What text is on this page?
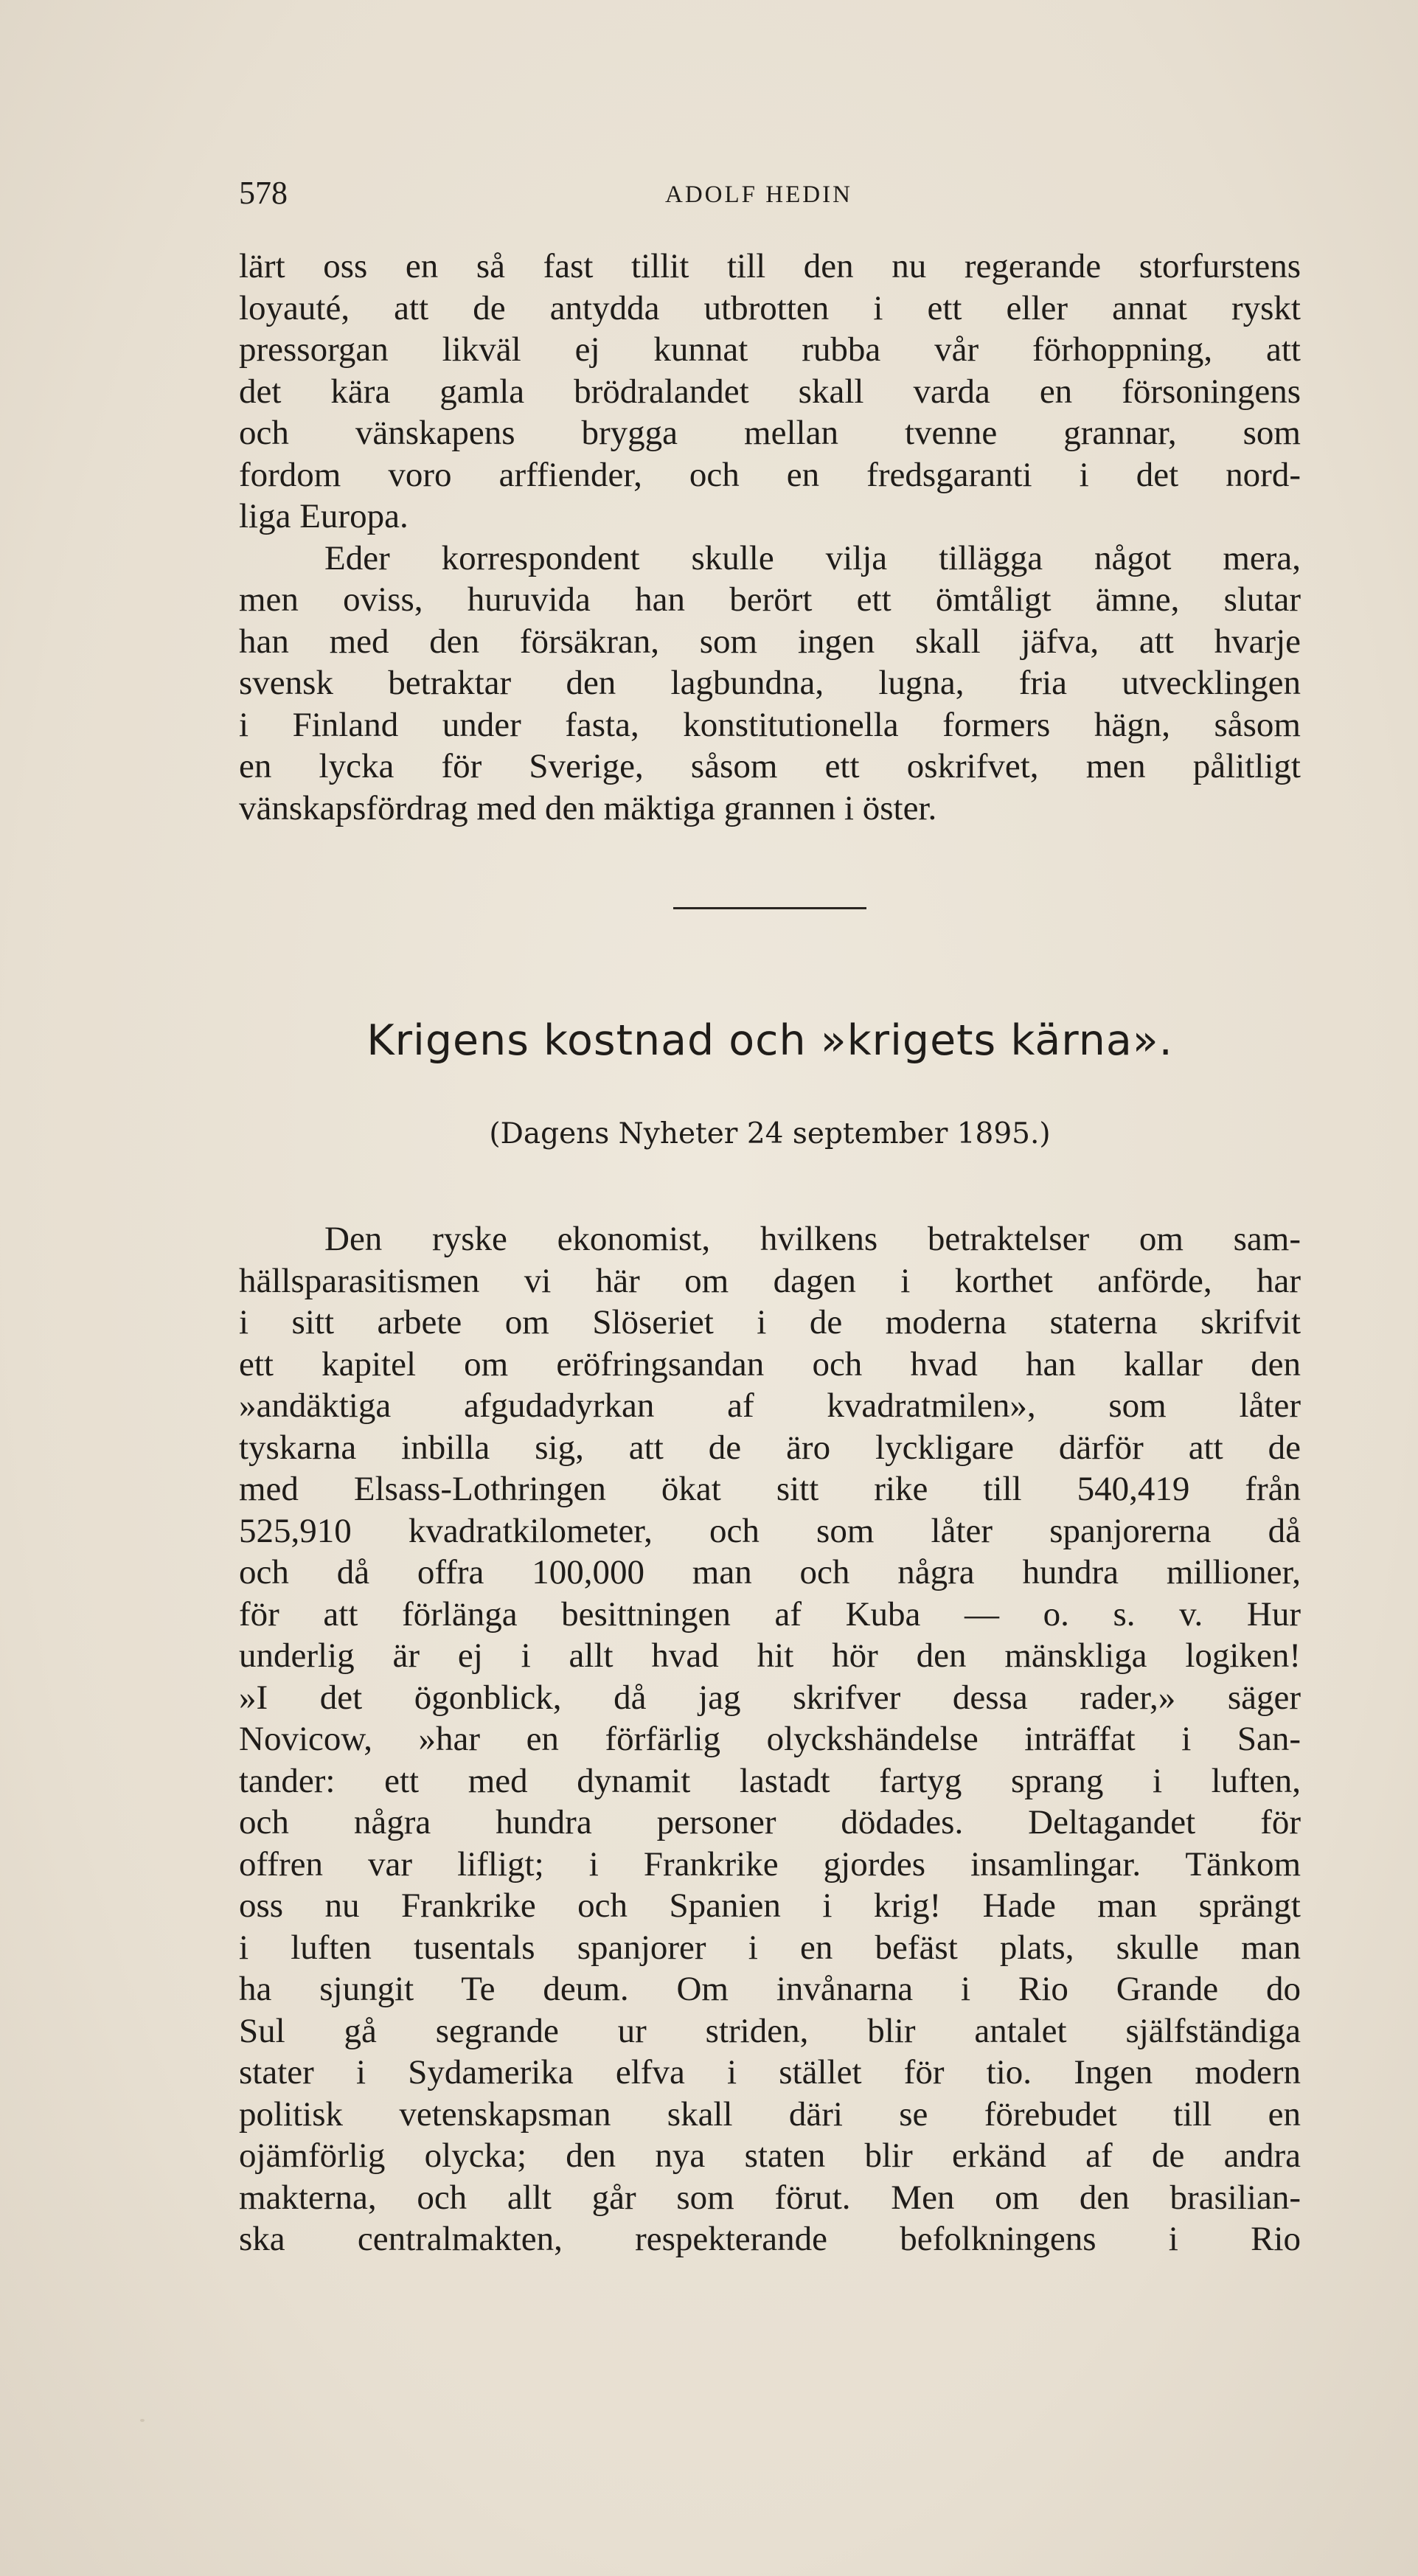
578	ADOLF HEDIN
lärt oss en så fast tillit till den nu regerande storfurstens
loyauté, att de antydda utbrotten i ett eller annat ryskt
pressorgan likväl ej kunnat rubba vår förhoppning, att
det kära gamla brödralandet skall varda en försoningens
och vänskapens brygga mellan tvenne grannar, som
fordom voro arffiender, och en fredsgaranti i det nord-
liga Europa.
Eder korrespondent skulle vilja tillägga något mera,
men oviss, huruvida han berört ett ömtåligt ämne, slutar
han med den försäkran, som ingen skall jäfva, att hvarje
svensk betraktar den lagbundna, lugna, fria utvecklingen
i Finland under fasta, konstitutionella formers hägn, såsom
en lycka för Sverige, såsom ett oskrifvet, men pålitligt
vänskapsfördrag med den mäktiga grannen i öster.
Krigens kostnad och »krigets kärna».
(Dagens Nyheter 24 september 1895.)
Den ryske ekonomist, hvilkens betraktelser om sam-
hällsparasitismen vi här om dagen i korthet anförde, har
i sitt arbete om Slöseriet i de moderna staterna skrifvit
ett kapitel om eröfringsandan och hvad han kallar den
»andäktiga afgudadyrkan af kvadratmilen», som låter
tyskarna inbilla sig, att de äro lyckligare därför att de
med Elsass-Lothringen ökat sitt rike till 540,419 från
525,910 kvadratkilometer, och som låter spanjorerna då
och då offra 100,000 man och några hundra millioner,
för att förlänga besittningen af Kuba — o. s. v. Hur
underlig är ej i allt hvad hit hör den mänskliga logiken!
»I det ögonblick, då jag skrifver dessa rader,» säger
Novicow, »har en förfärlig olyckshändelse inträffat i San-
tander: ett med dynamit lastadt fartyg sprang i luften,
och några hundra personer dödades. Deltagandet för
offren var lifligt; i Frankrike gjordes insamlingar. Tänkom
oss nu Frankrike och Spanien i krig! Hade man sprängt
i luften tusentals spanjorer i en befäst plats, skulle man
ha sjungit Te deum. Om invånarna i Rio Grande do
Sul gå segrande ur striden, blir antalet själfständiga
stater i Sydamerika elfva i stället för tio. Ingen modern
politisk vetenskapsman skall däri se förebudet till en
ojämförlig olycka; den nya staten blir erkänd af de andra
makterna, och allt går som förut. Men om den brasilian-
ska centralmakten, respekterande befolkningens i Rio
